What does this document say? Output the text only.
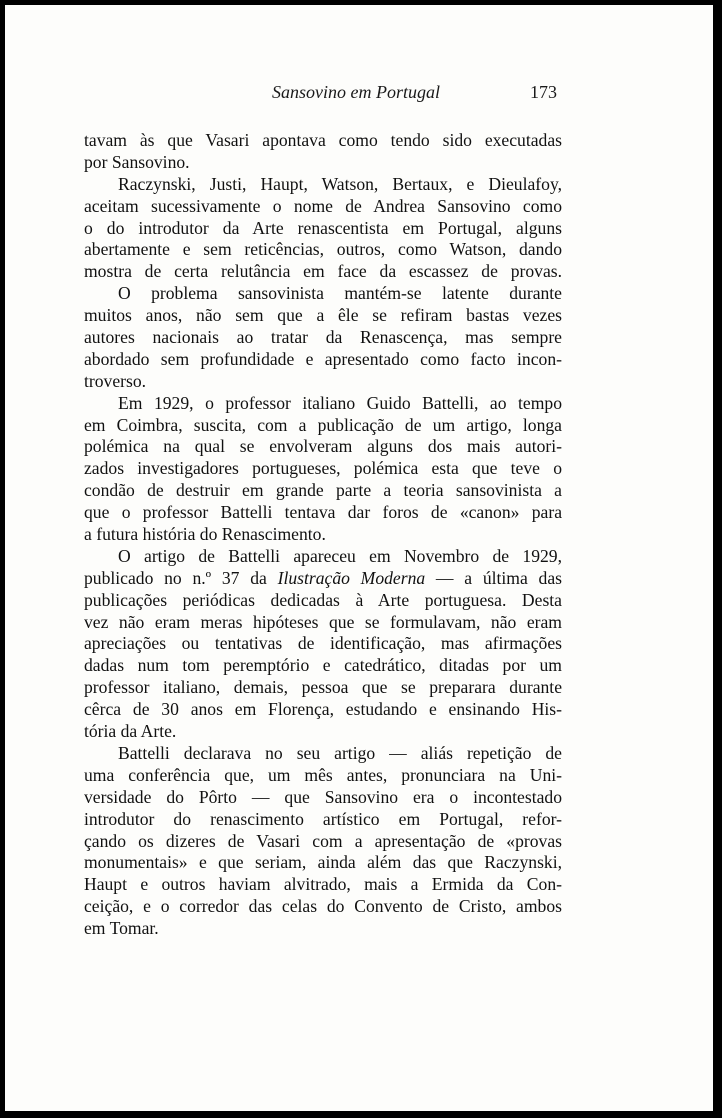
Sansovino em Portugal	173
tavam às que Vasari apontava como tendo sido executadas
por Sansovino.
Raczynski, Justi, Haupt, Watson, Bertaux, e Dieulafoy,
aceitam sucessivamente o nome de Andrea Sansovino como
o do introdutor da Arte renascentista em Portugal, alguns
abertamente e sem reticências, outros, como Watson, dando
mostra de certa relutância em face da escassez de provas.
O problema sansovinista mantém-se latente durante
muitos anos, não sem que a êle se refiram bastas vezes
autores nacionais ao tratar da Renascença, mas sempre
abordado sem profundidade e apresentado como facto incon-
troverso.
Em 1929, o professor italiano Guido Battelli, ao tempo
em Coimbra, suscita, com a publicação de um artigo, longa
polémica na qual se envolveram alguns dos mais autori-
zados investigadores portugueses, polémica esta que teve o
condão de destruir em grande parte a teoria sansovinista a
que o professor Battelli tentava dar foros de «canon» para
a futura história do Renascimento.
O artigo de Battelli apareceu em Novembro de 1929,
publicado no n.º 37 da Ilustração Moderna — a última das
publicações periódicas dedicadas à Arte portuguesa. Desta
vez não eram meras hipóteses que se formulavam, não eram
apreciações ou tentativas de identificação, mas afirmações
dadas num tom peremptório e catedrático, ditadas por um
professor italiano, demais, pessoa que se preparara durante
cêrca de 30 anos em Florença, estudando e ensinando His-
tória da Arte.
Battelli declarava no seu artigo — aliás repetição de
uma conferência que, um mês antes, pronunciara na Uni-
versidade do Pôrto — que Sansovino era o incontestado
introdutor do renascimento artístico em Portugal, refor-
çando os dizeres de Vasari com a apresentação de «provas
monumentais» e que seriam, ainda além das que Raczynski,
Haupt e outros haviam alvitrado, mais a Ermida da Con-
ceição, e o corredor das celas do Convento de Cristo, ambos
em Tomar.
